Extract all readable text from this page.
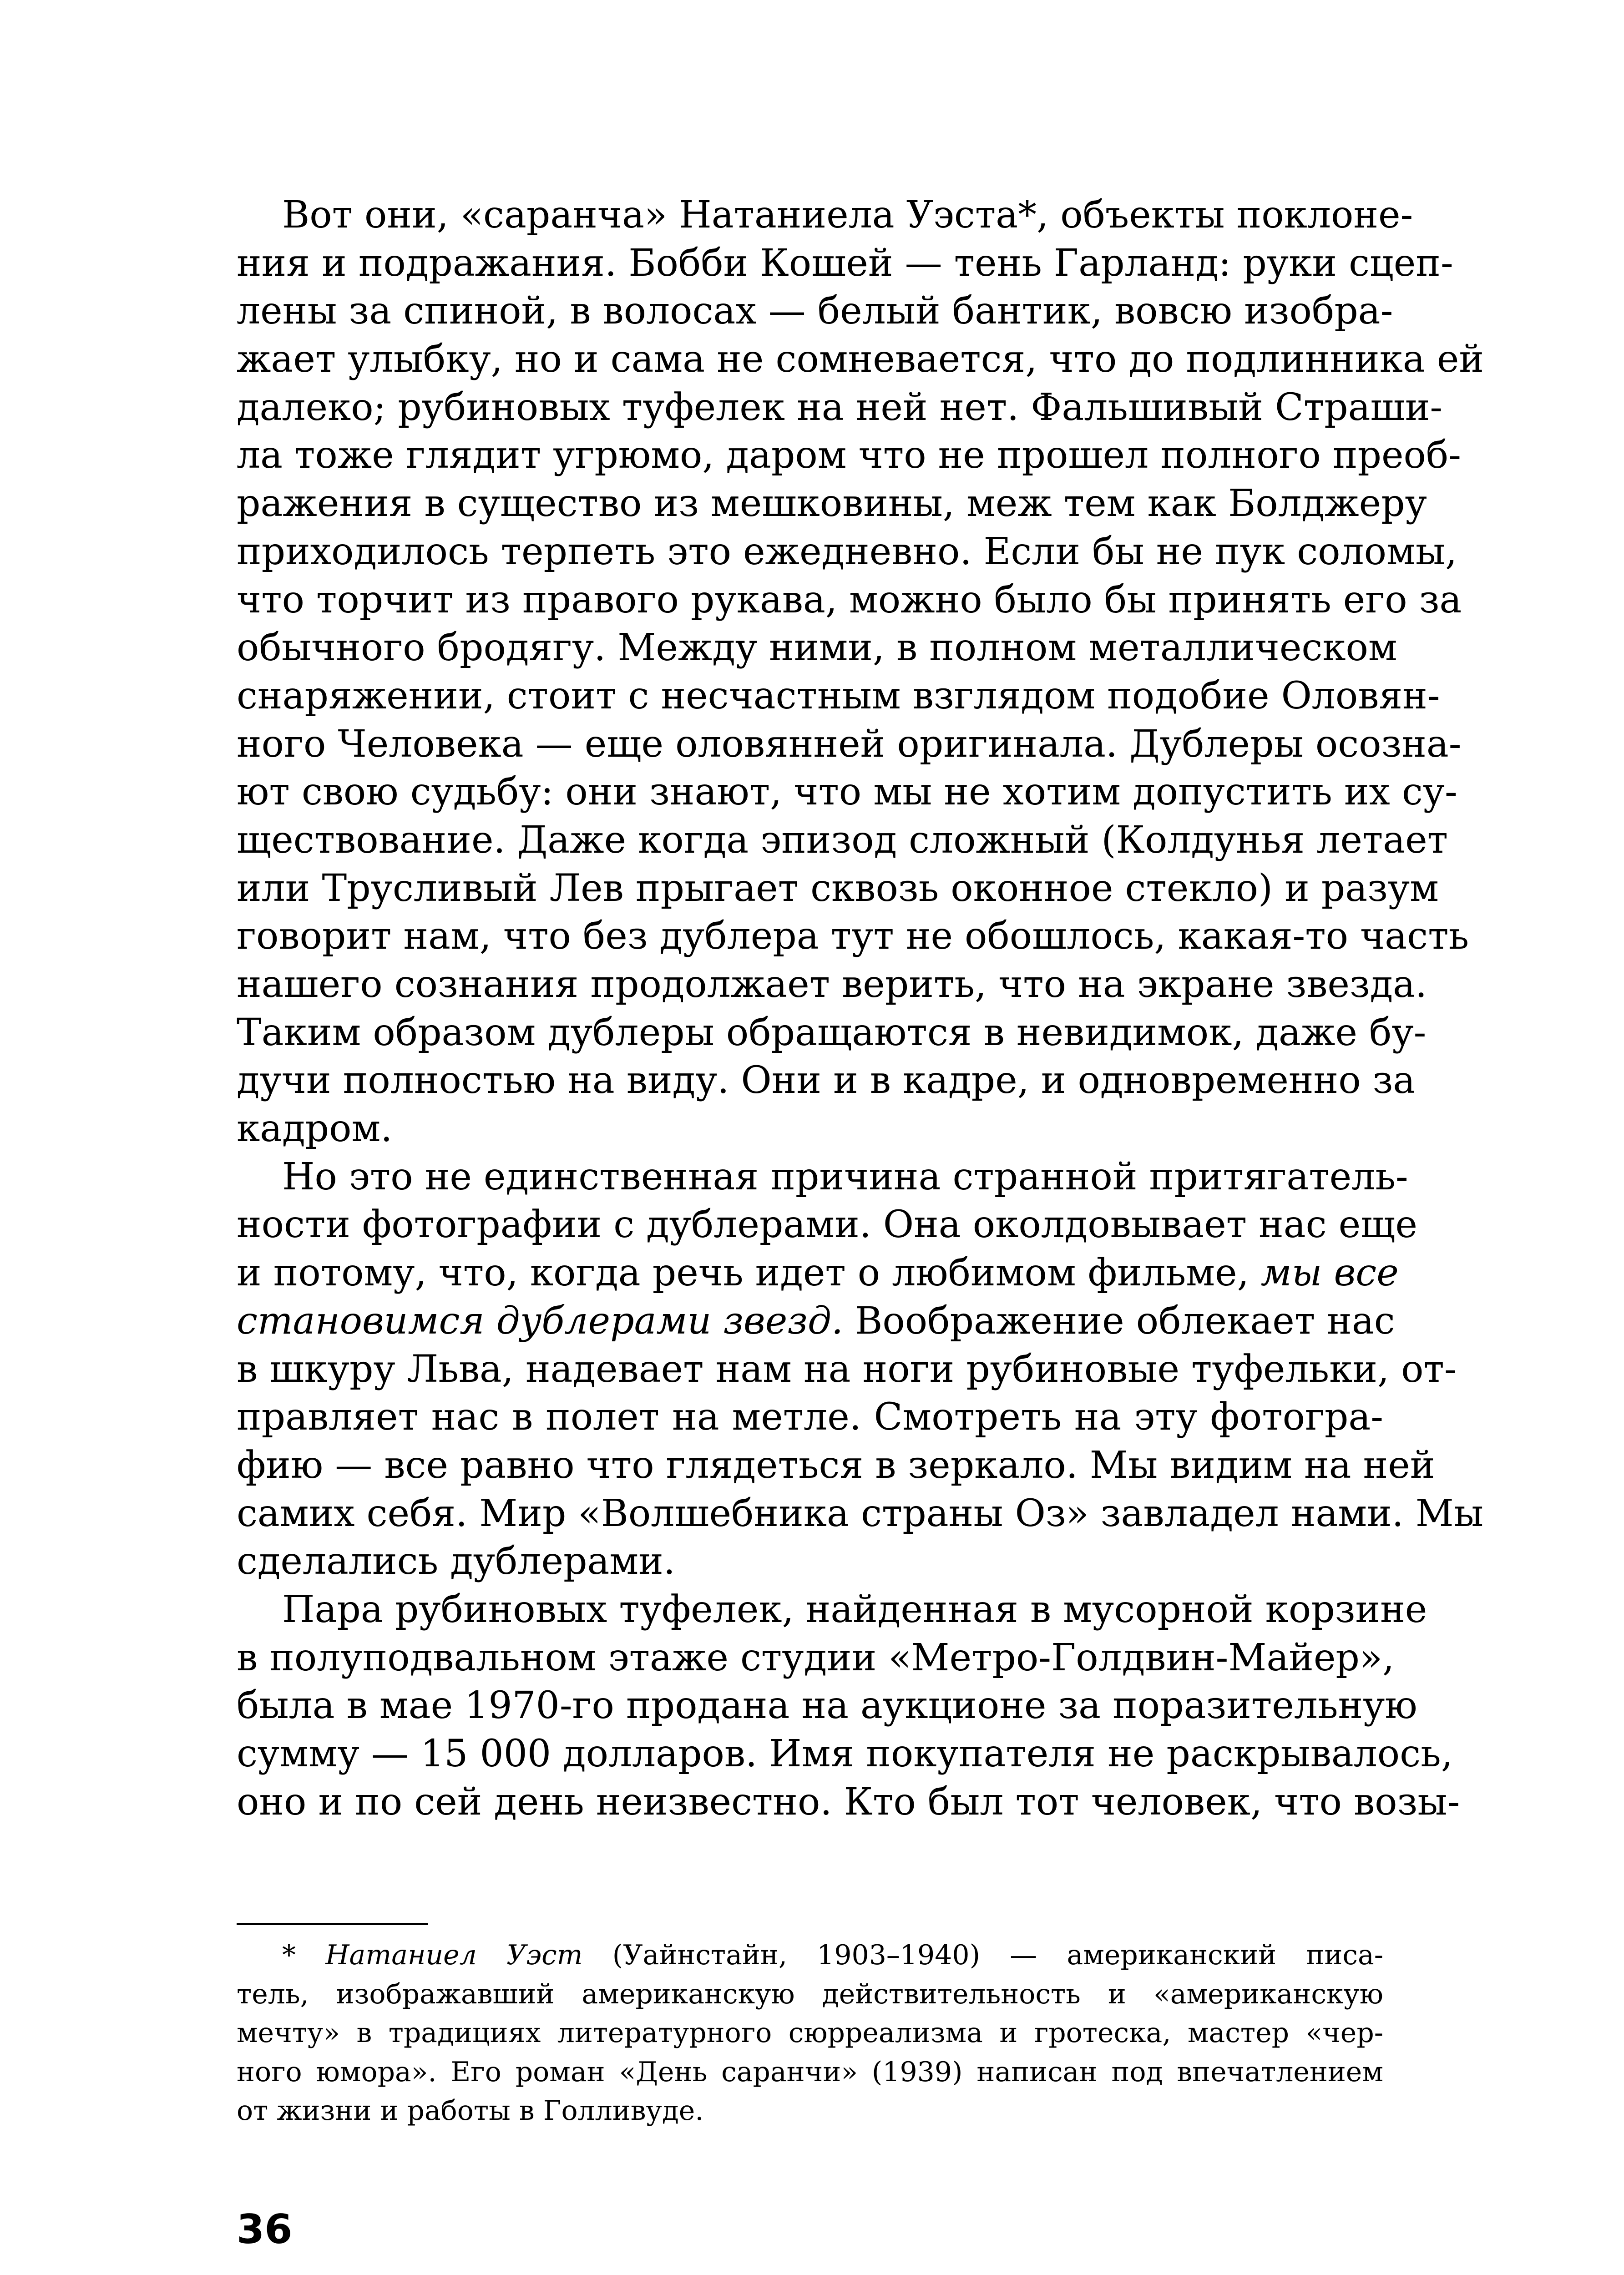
Вот они, «саранча» Натаниела Уэста*, объекты поклоне-
ния и подражания. Бобби Кошей — тень Гарланд: руки сцеп-
лены за спиной, в волосах — белый бантик, вовсю изобра-
жает улыбку, но и сама не сомневается, что до подлинника ей
далеко; рубиновых туфелек на ней нет. Фальшивый Страши-
ла тоже глядит угрюмо, даром что не прошел полного преоб-
ражения в существо из мешковины, меж тем как Болджеру
приходилось терпеть это ежедневно. Если бы не пук соломы,
что торчит из правого рукава, можно было бы принять его за
обычного бродягу. Между ними, в полном металлическом
снаряжении, стоит с несчастным взглядом подобие Оловян-
ного Человека — еще оловянней оригинала. Дублеры осозна-
ют свою судьбу: они знают, что мы не хотим допустить их су-
ществование. Даже когда эпизод сложный (Колдунья летает
или Трусливый Лев прыгает сквозь оконное стекло) и разум
говорит нам, что без дублера тут не обошлось, какая-то часть
нашего сознания продолжает верить, что на экране звезда.
Таким образом дублеры обращаются в невидимок, даже бу-
дучи полностью на виду. Они и в кадре, и одновременно за
кадром.
Но это не единственная причина странной притягатель-
ности фотографии с дублерами. Она околдовывает нас еще
и потому, что, когда речь идет о любимом фильме, мы все
становимся дублерами звезд. Воображение облекает нас
в шкуру Льва, надевает нам на ноги рубиновые туфельки, от-
правляет нас в полет на метле. Смотреть на эту фотогра-
фию — все равно что глядеться в зеркало. Мы видим на ней
самих себя. Мир «Волшебника страны Оз» завладел нами. Мы
сделались дублерами.
Пара рубиновых туфелек, найденная в мусорной корзине
в полуподвальном этаже студии «Метро-Голдвин-Майер»,
была в мае 1970-го продана на аукционе за поразительную
сумму — 15 000 долларов. Имя покупателя не раскрывалось,
оно и по сей день неизвестно. Кто был тот человек, что возы-
* Натаниел Уэст (Уайнстайн, 1903–1940) — американский писа-
тель, изображавший американскую действительность и «американскую
мечту» в традициях литературного сюрреализма и гротеска, мастер «чер-
ного юмора». Его роман «День саранчи» (1939) написан под впечатлением
от жизни и работы в Голливуде.
36
